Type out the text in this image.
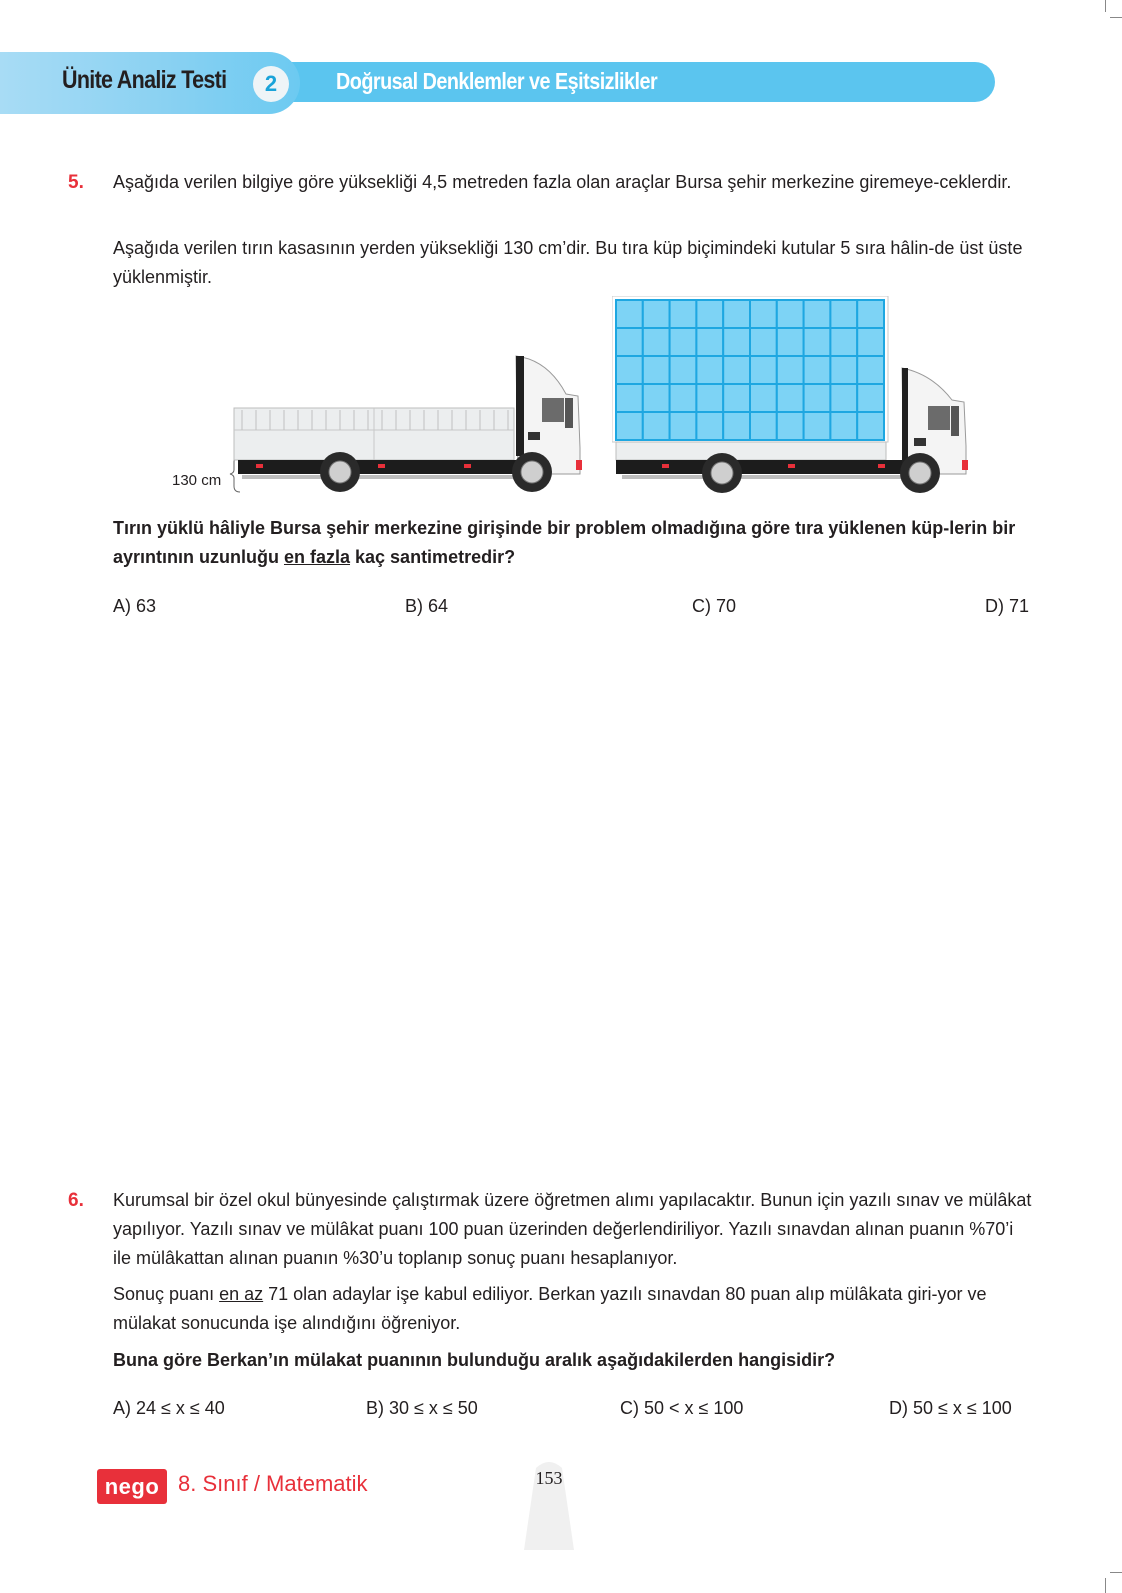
Ünite Analiz Testi	2	Doğrusal Denklemler ve Eşitsizlikler
5. Aşağıda verilen bilgiye göre yüksekliği 4,5 metreden fazla olan araçlar Bursa şehir merkezine giremeye-ceklerdir.
Aşağıda verilen tırın kasasının yerden yüksekliği 130 cm’dir. Bu tıra küp biçimindeki kutular 5 sıra hâlin-de üst üste yüklenmiştir.
130 cm
Tırın yüklü hâliyle Bursa şehir merkezine girişinde bir problem olmadığına göre tıra yüklenen küp-lerin bir ayrıntının uzunluğu en fazla kaç santimetredir?
A) 63	B) 64	C) 70	D) 71
6. Kurumsal bir özel okul bünyesinde çalıştırmak üzere öğretmen alımı yapılacaktır. Bunun için yazılı sınav ve mülâkat yapılıyor. Yazılı sınav ve mülâkat puanı 100 puan üzerinden değerlendiriliyor. Yazılı sınavdan alınan puanın %70’i ile mülâkattan alınan puanın %30’u toplanıp sonuç puanı hesaplanıyor.
Sonuç puanı en az 71 olan adaylar işe kabul ediliyor. Berkan yazılı sınavdan 80 puan alıp mülâkata giri-yor ve mülakat sonucunda işe alındığını öğreniyor.
Buna göre Berkan’ın mülakat puanının bulunduğu aralık aşağıdakilerden hangisidir?
A) 24 ≤ x ≤ 40	B) 30 ≤ x ≤ 50	C) 50 < x ≤ 100	D) 50 ≤ x ≤ 100
nego 8. Sınıf / Matematik	153
